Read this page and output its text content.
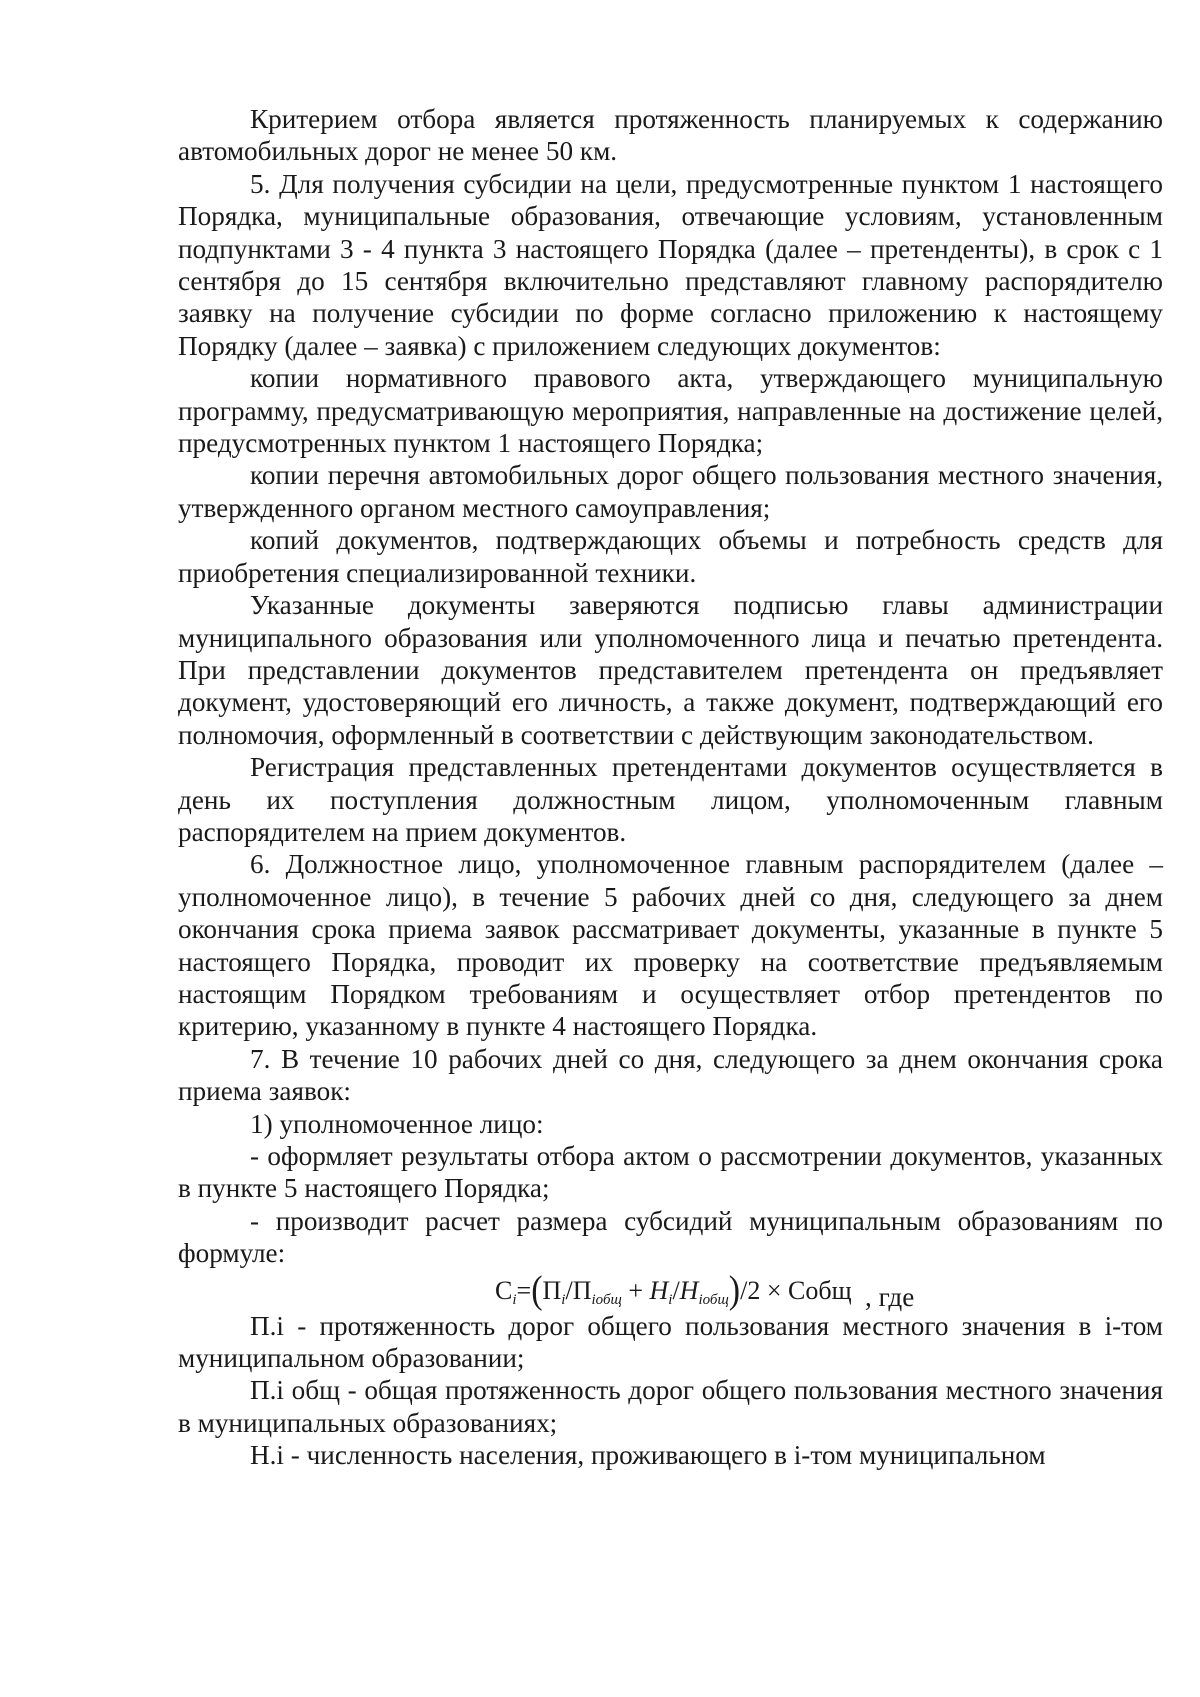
Критерием отбора является протяженность планируемых к содержанию автомобильных дорог не менее 50 км.

5. Для получения субсидии на цели, предусмотренные пунктом 1 настоящего Порядка, муниципальные образования, отвечающие условиям, установленным подпунктами 3 - 4 пункта 3 настоящего Порядка (далее – претенденты), в срок с 1 сентября до 15 сентября включительно представляют главному распорядителю заявку на получение субсидии по форме согласно приложению к настоящему Порядку (далее – заявка) с приложением следующих документов:

копии нормативного правового акта, утверждающего муниципальную программу, предусматривающую мероприятия, направленные на достижение целей, предусмотренных пунктом 1 настоящего Порядка;

копии перечня автомобильных дорог общего пользования местного значения, утвержденного органом местного самоуправления;

копий документов, подтверждающих объемы и потребность средств для приобретения специализированной техники.

Указанные документы заверяются подписью главы администрации муниципального образования или уполномоченного лица и печатью претендента. При представлении документов представителем претендента он предъявляет документ, удостоверяющий его личность, а также документ, подтверждающий его полномочия, оформленный в соответствии с действующим законодательством.

Регистрация представленных претендентами документов осуществляется в день их поступления должностным лицом, уполномоченным главным распорядителем на прием документов.

6. Должностное лицо, уполномоченное главным распорядителем (далее – уполномоченное лицо), в течение 5 рабочих дней со дня, следующего за днем окончания срока приема заявок рассматривает документы, указанные в пункте 5 настоящего Порядка, проводит их проверку на соответствие предъявляемым настоящим Порядком требованиям и осуществляет отбор претендентов по критерию, указанному в пункте 4 настоящего Порядка.

7. В течение 10 рабочих дней со дня, следующего за днем окончания срока приема заявок:

1) уполномоченное лицо:

- оформляет результаты отбора актом о рассмотрении документов, указанных в пункте 5 настоящего Порядка;

- производит расчет размера субсидий муниципальным образованиям по формуле:

$C_i=(П_i/П_{iобщ} + H_i/H_{iобщ})/2$ × Собщ , где

П.i - протяженность дорог общего пользования местного значения в i-том муниципальном образовании;

П.i общ - общая протяженность дорог общего пользования местного значения в муниципальных образованиях;

Н.i - численность населения, проживающего в i-том муниципальном
